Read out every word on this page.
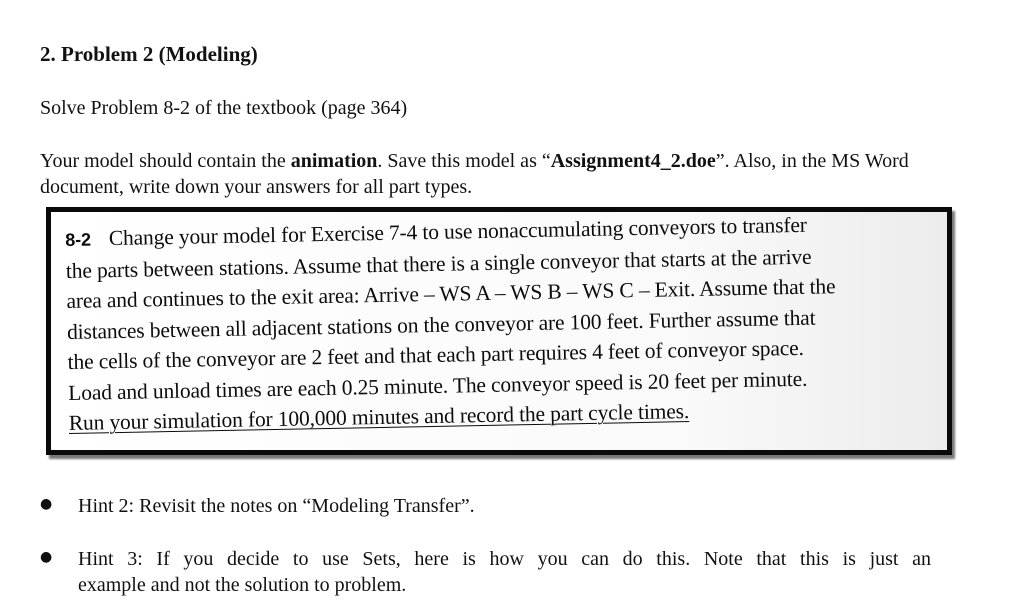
2. Problem 2 (Modeling)
Solve Problem 8-2 of the textbook (page 364)
Your model should contain the animation. Save this model as “Assignment4_2.doe”. Also, in the MS Word document, write down your answers for all part types.
8-2 Change your model for Exercise 7-4 to use nonaccumulating conveyors to transfer
the parts between stations. Assume that there is a single conveyor that starts at the arrive
area and continues to the exit area: Arrive – WS A – WS B – WS C – Exit. Assume that the
distances between all adjacent stations on the conveyor are 100 feet. Further assume that
the cells of the conveyor are 2 feet and that each part requires 4 feet of conveyor space.
Load and unload times are each 0.25 minute. The conveyor speed is 20 feet per minute.
Run your simulation for 100,000 minutes and record the part cycle times.
● Hint 2: Revisit the notes on “Modeling Transfer”.
● Hint 3: If you decide to use Sets, here is how you can do this. Note that this is just an
example and not the solution to problem.
